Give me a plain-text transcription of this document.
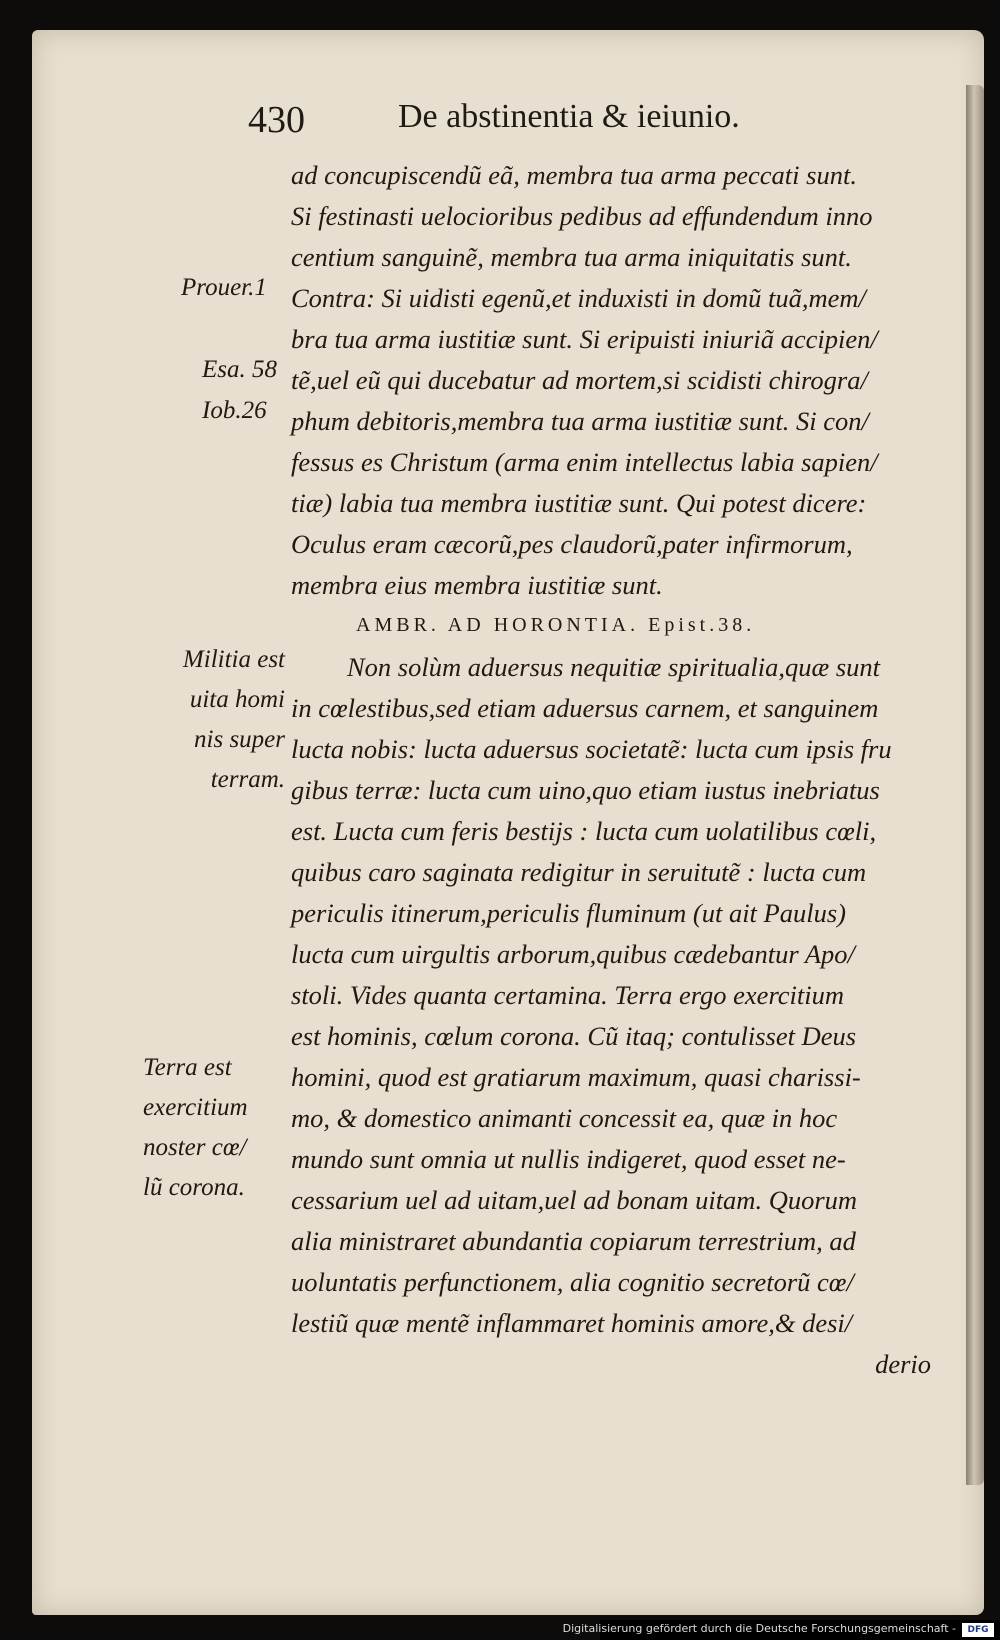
430	De abstinentia & ieiunio.
ad concupiscendũ eã, membra tua arma peccati sunt.
Si festinasti uelocioribus pedibus ad effundendum inno
centium sanguinẽ, membra tua arma iniquitatis sunt.
Contra: Si uidisti egenũ,et induxisti in domũ tuã,mem/
bra tua arma iustitiæ sunt. Si eripuisti iniuriã accipien/
tẽ,uel eũ qui ducebatur ad mortem,si scidisti chirogra/
phum debitoris,membra tua arma iustitiæ sunt. Si con/
fessus es Christum (arma enim intellectus labia sapien/
tiæ) labia tua membra iustitiæ sunt. Qui potest dicere:
Oculus eram cæcorũ,pes claudorũ,pater infirmorum,
membra eius membra iustitiæ sunt.
AMBR. AD HORONTIA. Epist.38.
Non solùm aduersus nequitiæ spiritualia,quæ sunt
in cœlestibus,sed etiam aduersus carnem, et sanguinem
lucta nobis: lucta aduersus societatẽ: lucta cum ipsis fru
gibus terræ: lucta cum uino,quo etiam iustus inebriatus
est. Lucta cum feris bestijs : lucta cum uolatilibus cœli,
quibus caro saginata redigitur in seruitutẽ : lucta cum
periculis itinerum,periculis fluminum (ut ait Paulus)
lucta cum uirgultis arborum,quibus cædebantur Apo/
stoli. Vides quanta certamina. Terra ergo exercitium
est hominis, cœlum corona. Cũ itaq; contulisset Deus
homini, quod est gratiarum maximum, quasi charissi-
mo, & domestico animanti concessit ea, quæ in hoc
mundo sunt omnia ut nullis indigeret, quod esset ne-
cessarium uel ad uitam,uel ad bonam uitam. Quorum
alia ministraret abundantia copiarum terrestrium, ad
uoluntatis perfunctionem, alia cognitio secretorũ cœ/
lestiũ quæ mentẽ inflammaret hominis amore,& desi/
derio
Prouer.1
Esa. 58
Iob.26
Militia est
uita homi
nis super
terram.
Terra est
exercitium
noster cœ/
lũ corona.
Digitalisierung gefördert durch die Deutsche Forschungsgemeinschaft -	DFG
